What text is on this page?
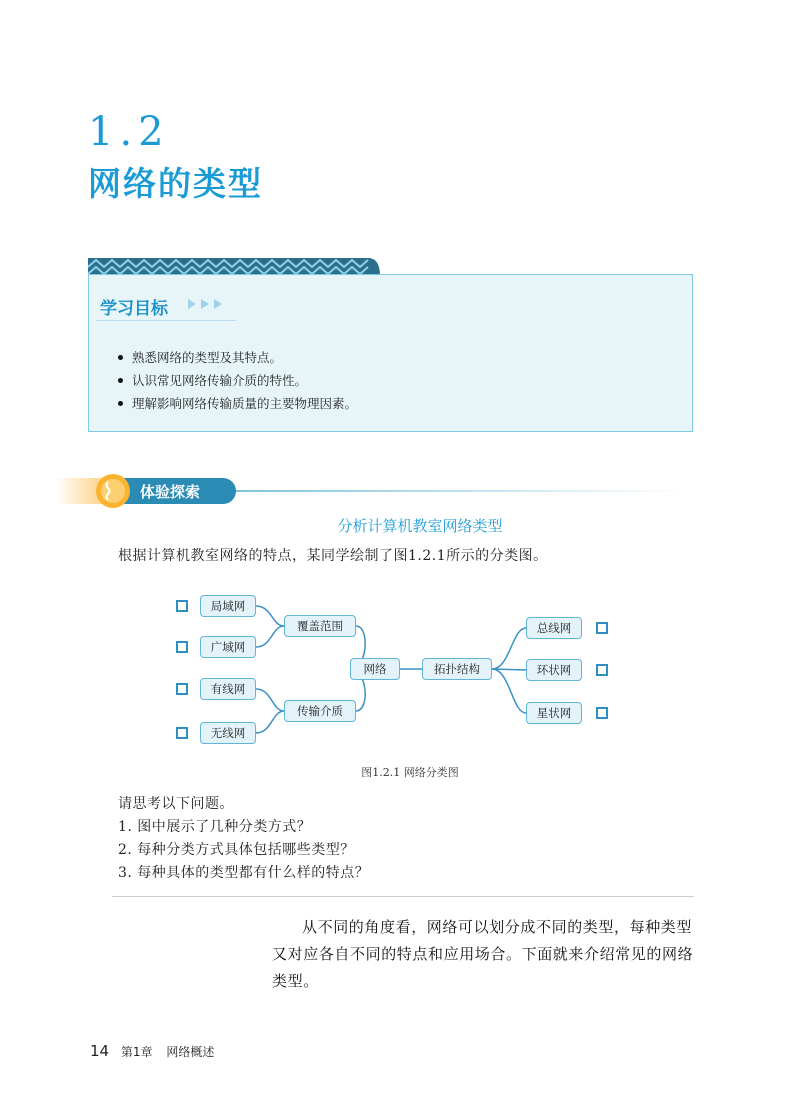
1.2
网络的类型
学习目标
熟悉网络的类型及其特点。
认识常见网络传输介质的特性。
理解影响网络传输质量的主要物理因素。
体验探索
分析计算机教室网络类型
根据计算机教室网络的特点，某同学绘制了图1.2.1所示的分类图。
局域网
广域网
有线网
无线网
覆盖范围
传输介质
网络	拓扑结构
总线网
环状网
星状网
图1.2.1 网络分类图
请思考以下问题。
1. 图中展示了几种分类方式？
2. 每种分类方式具体包括哪些类型？
3. 每种具体的类型都有什么样的特点？
从不同的角度看，网络可以划分成不同的类型，每种类型又对应各自不同的特点和应用场合。下面就来介绍常见的网络类型。
14 第1章 网络概述
